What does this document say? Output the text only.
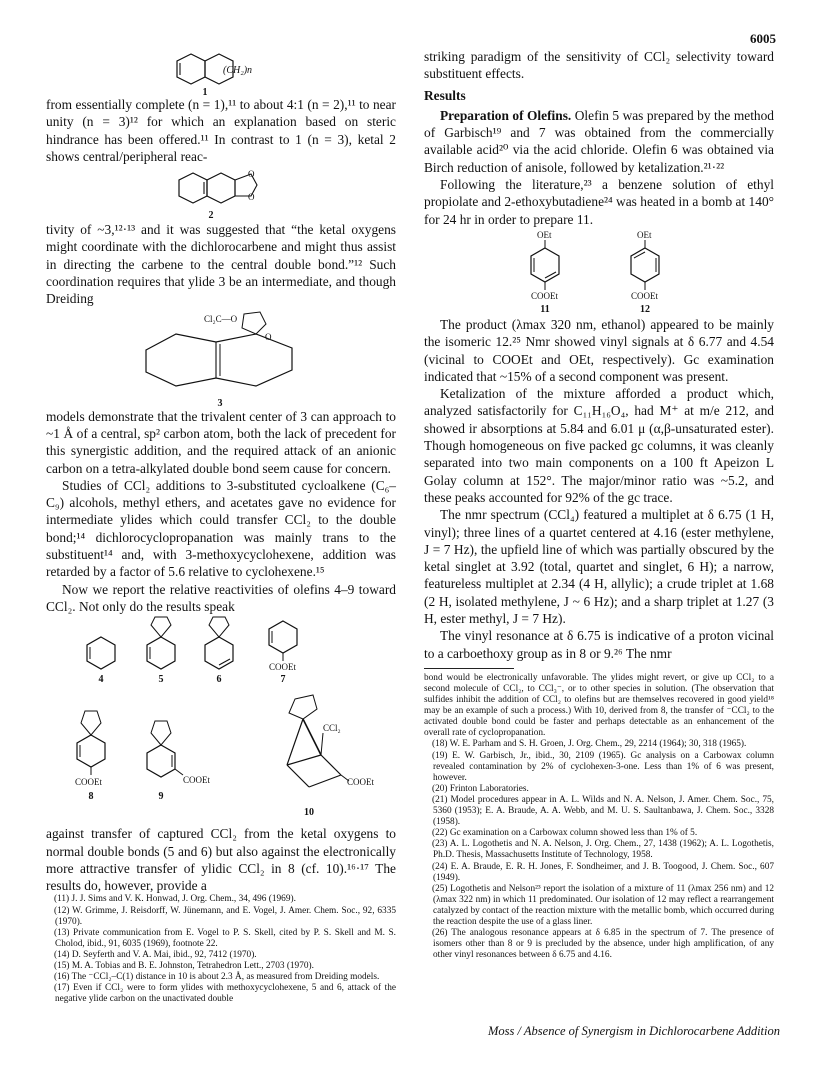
6005
(CH₂)n
1

from essentially complete (n = 1),¹¹ to about 4:1 (n = 2),¹¹ to near unity (n = 3)¹² for which an explanation based on steric hindrance has been offered.¹¹ In contrast to 1 (n = 3), ketal 2 shows central/peripheral reac-

O
O
2

tivity of ~3,¹²·¹³ and it was suggested that “the ketal oxygens might coordinate with the dichlorocarbene and might thus assist in directing the carbene to the central double bond.”¹² Such coordination requires that ylide 3 be an intermediate, and though Dreiding

Cl₂C—O
3
O

models demonstrate that the trivalent center of 3 can approach to ~1 Å of a central, sp² carbon atom, both the lack of precedent for this synergistic addition, and the required attack of an anionic carbon on a tetra-alkylated double bond seem cause for concern.

Studies of CCl₂ additions to 3-substituted cycloalkene (C₆–C₉) alcohols, methyl ethers, and acetates gave no evidence for intermediate ylides which could transfer CCl₂ to the double bond;¹⁴ dichlorocyclopropanation was mainly trans to the substituent¹⁴ and, with 3-methoxycyclohexene, addition was retarded by a factor of 5.6 relative to cyclohexene.¹⁵

Now we report the relative reactivities of olefins 4–9 toward CCl₂. Not only do the results speak

4	5	6
COOEt
7
COOEt
8
COOEt
9
CCl₂
COOEt
10

against transfer of captured CCl₂ from the ketal oxygens to normal double bonds (5 and 6) but also against the electronically more attractive transfer of ylidic CCl₂ in 8 (cf. 10).¹⁶·¹⁷ The results do, however, provide a

(11) J. J. Sims and V. K. Honwad, J. Org. Chem., 34, 496 (1969).

(12) W. Grimme, J. Reisdorff, W. Jünemann, and E. Vogel, J. Amer. Chem. Soc., 92, 6335 (1970).

(13) Private communication from E. Vogel to P. S. Skell, cited by P. S. Skell and M. S. Cholod, ibid., 91, 6035 (1969), footnote 22.

(14) D. Seyferth and V. A. Mai, ibid., 92, 7412 (1970).

(15) M. A. Tobias and B. E. Johnston, Tetrahedron Lett., 2703 (1970).

(16) The ⁻CCl₂–C(1) distance in 10 is about 2.3 Å, as measured from Dreiding models.

(17) Even if CCl₂ were to form ylides with methoxycyclohexene, 5 and 6, attack of the negative ylide carbon on the unactivated double

striking paradigm of the sensitivity of CCl₂ selectivity toward substituent effects.

Results

Preparation of Olefins. Olefin 5 was prepared by the method of Garbisch¹⁹ and 7 was obtained from the commercially available acid²⁰ via the acid chloride. Olefin 6 was obtained via Birch reduction of anisole, followed by ketalization.²¹·²²

Following the literature,²³ a benzene solution of ethyl propiolate and 2-ethoxybutadiene²⁴ was heated in a bomb at 140° for 24 hr in order to prepare 11.

OEt
COOEt
11
OEt
COOEt
12

The product (λmax 320 nm, ethanol) appeared to be mainly the isomeric 12.²⁵ Nmr showed vinyl signals at δ 6.77 and 4.54 (vicinal to COOEt and OEt, respectively). Gc examination indicated that ~15% of a second component was present.

Ketalization of the mixture afforded a product which, analyzed satisfactorily for C₁₁H₁₆O₄, had M⁺ at m/e 212, and showed ir absorptions at 5.84 and 6.01 μ (α,β-unsaturated ester). Though homogeneous on five packed gc columns, it was cleanly separated into two main components on a 100 ft Apeizon L Golay column at 152°. The major/minor ratio was ~5.2, and these peaks accounted for 92% of the gc trace.

The nmr spectrum (CCl₄) featured a multiplet at δ 6.75 (1 H, vinyl); three lines of a quartet centered at 4.16 (ester methylene, J = 7 Hz), the upfield line of which was partially obscured by the ketal singlet at 3.92 (total, quartet and singlet, 6 H); a narrow, featureless multiplet at 2.34 (4 H, allylic); a crude triplet at 1.68 (2 H, isolated methylene, J ~ 6 Hz); and a sharp triplet at 1.27 (3 H, ester methyl, J = 7 Hz).

The vinyl resonance at δ 6.75 is indicative of a proton vicinal to a carboethoxy group as in 8 or 9.²⁶ The nmr

bond would be electronically unfavorable. The ylides might revert, or give up CCl₂ to a second molecule of CCl₂, to CCl₃⁻, or to other species in solution. (The observation that sulfides inhibit the addition of CCl₂ to olefins but are themselves recovered in good yield¹⁸ may be an example of such a process.) With 10, derived from 8, the transfer of ⁻CCl₂ to the activated double bond could be faster and perhaps detectable as an enhancement of the overall rate of cyclopropanation.

(18) W. E. Parham and S. H. Groen, J. Org. Chem., 29, 2214 (1964); 30, 318 (1965).

(19) E. W. Garbisch, Jr., ibid., 30, 2109 (1965). Gc analysis on a Carbowax column revealed contamination by 2% of cyclohexen-3-one. Less than 1% of 6 was present, however.

(20) Frinton Laboratories.

(21) Model procedures appear in A. L. Wilds and N. A. Nelson, J. Amer. Chem. Soc., 75, 5360 (1953); E. A. Braude, A. A. Webb, and M. U. S. Saultanbawa, J. Chem. Soc., 3328 (1958).

(22) Gc examination on a Carbowax column showed less than 1% of 5.

(23) A. L. Logothetis and N. A. Nelson, J. Org. Chem., 27, 1438 (1962); A. L. Logothetis, Ph.D. Thesis, Massachusetts Institute of Technology, 1958.

(24) E. A. Braude, E. R. H. Jones, F. Sondheimer, and J. B. Toogood, J. Chem. Soc., 607 (1949).

(25) Logothetis and Nelson²³ report the isolation of a mixture of 11 (λmax 256 nm) and 12 (λmax 322 nm) in which 11 predominated. Our isolation of 12 may reflect a rearrangement catalyzed by contact of the reaction mixture with the metallic bomb, which occurred during the reaction despite the use of a glass liner.

(26) The analogous resonance appears at δ 6.85 in the spectrum of 7. The presence of isomers other than 8 or 9 is precluded by the absence, under high amplification, of any other vinyl resonances between δ 6.75 and 4.16.

Moss / Absence of Synergism in Dichlorocarbene Addition
